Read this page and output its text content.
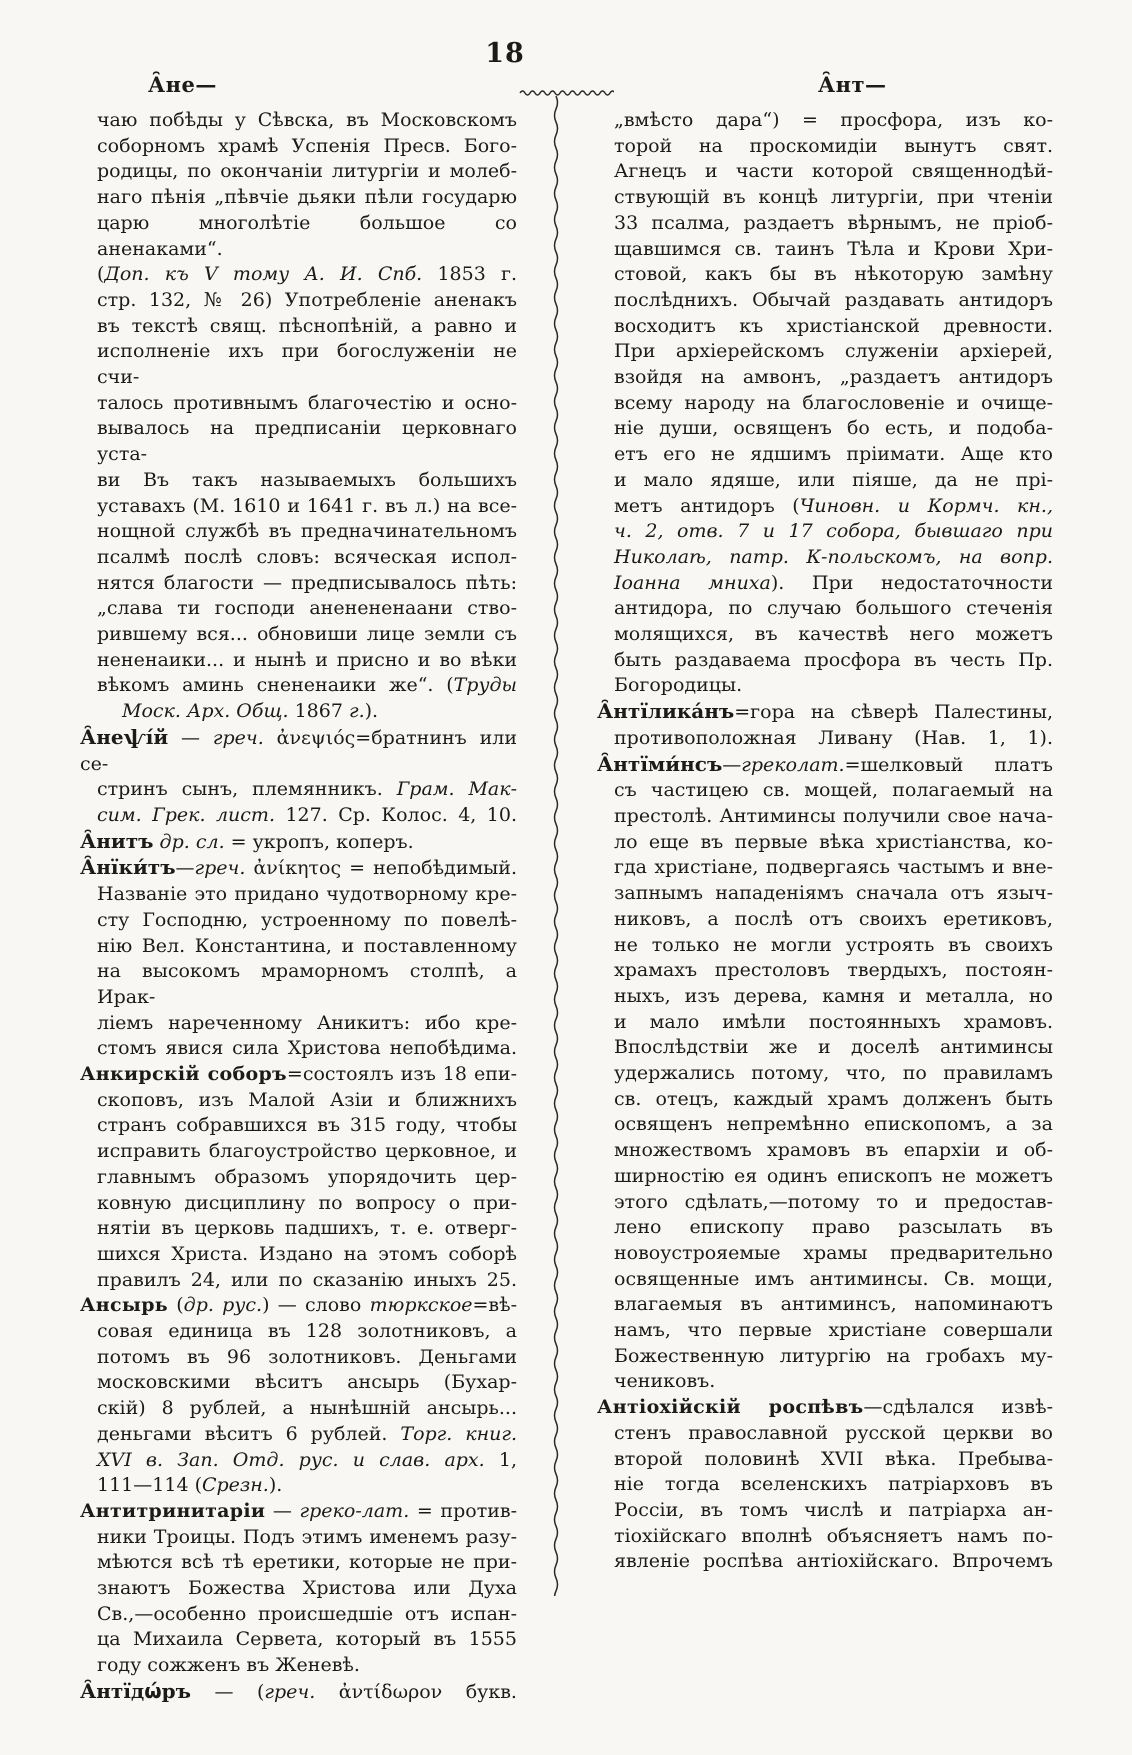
18
А̑не—	А̑нт—
чаю побѣды у Сѣвска, въ Московскомъ
соборномъ храмѣ Успенія Пресв. Бого-
родицы, по окончаніи литургіи и молеб-
наго пѣнія „пѣвчіе дьяки пѣли государю
царю многолѣтіе большое со аненаками“.
(Доп. къ V тому А. И. Спб. 1853 г.
стр. 132, № 26) Употребленіе аненакъ
въ текстѣ свящ. пѣснопѣній, а равно и
исполненіе ихъ при богослуженіи не счи-
талось противнымъ благочестію и осно-
вывалось на предписаніи церковнаго уста-
ви Въ такъ называемыхъ большихъ
уставахъ (М. 1610 и 1641 г. въ л.) на все-
нощной службѣ въ предначинательномъ
псалмѣ послѣ словъ: всяческая испол-
нятся благости — предписывалось пѣть:
„слава ти господи аненененаани ство-
рившему вся... обновиши лице земли съ
нененаики... и нынѣ и присно и во вѣки
вѣкомъ аминь снененаики же“. (Труды
Моск. Арх. Общ. 1867 г.).
А̑неѱі́й — греч. ἀνεψιός=братнинъ или се-
стринъ сынъ, племянникъ. Грам. Мак-
сим. Грек. лист. 127. Ср. Колос. 4, 10.
А̑нитъ др. сл. = укропъ, коперъ.
А̑нїки́тъ—греч. ἀνίκητος = непобѣдимый.
Названіе это придано чудотворному кре-
сту Господню, устроенному по повелѣ-
нію Вел. Константина, и поставленному
на высокомъ мраморномъ столпѣ, а Ирак-
ліемъ нареченному Аникитъ: ибо кре-
стомъ явися сила Христова непобѣдима.
Анкирскій соборъ=состоялъ изъ 18 епи-
скоповъ, изъ Малой Азіи и ближнихъ
странъ собравшихся въ 315 году, чтобы
исправить благоустройство церковное, и
главнымъ образомъ упорядочить цер-
ковную дисциплину по вопросу о при-
нятіи въ церковь падшихъ, т. е. отверг-
шихся Христа. Издано на этомъ соборѣ
правилъ 24, или по сказанію иныхъ 25.
Ансырь (др. рус.) — слово тюркское=вѣ-
совая единица въ 128 золотниковъ, а
потомъ въ 96 золотниковъ. Деньгами
московскими вѣситъ ансырь (Бухар-
скій) 8 рублей, а нынѣшній ансырь...
деньгами вѣситъ 6 рублей. Торг. книг.
XVI в. Зап. Отд. рус. и слав. арх. 1,
111—114 (Срезн.).
Антитринитаріи — греко-лат. = против-
ники Троицы. Подъ этимъ именемъ разу-
мѣются всѣ тѣ еретики, которые не при-
знаютъ Божества Христова или Духа
Св.,—особенно происшедшіе отъ испан-
ца Михаила Сервета, который въ 1555
году сожженъ въ Женевѣ.
А̑нтїдѡ́ръ — (греч. ἀντίδωρον букв.
„вмѣсто дара“) = просфора, изъ ко-
торой на проскомидіи вынутъ свят.
Агнецъ и части которой священнодѣй-
ствующій въ концѣ литургіи, при чтеніи
33 псалма, раздаетъ вѣрнымъ, не пріоб-
щавшимся св. таинъ Тѣла и Крови Хри-
стовой, какъ бы въ нѣкоторую замѣну
послѣднихъ. Обычай раздавать антидоръ
восходитъ къ христіанской древности.
При архіерейскомъ служеніи архіерей,
взойдя на амвонъ, „раздаетъ антидоръ
всему народу на благословеніе и очище-
ніе души, освященъ бо есть, и подоба-
етъ его не ядшимъ пріимати. Аще кто
и мало ядяше, или піяше, да не прі-
метъ антидоръ (Чиновн. и Кормч. кн.,
ч. 2, отв. 7 и 17 собора, бывшаго при
Николаѣ, патр. К-польскомъ, на вопр.
Іоанна мниха). При недостаточности
антидора, по случаю большого стеченія
молящихся, въ качествѣ него можетъ
быть раздаваема просфора въ честь Пр.
Богородицы.
А̑нтїлика́нъ=гора на сѣверѣ Палестины,
противоположная Ливану (Нав. 1, 1).
А̑нтїми́нсъ—греколат.=шелковый платъ
съ частицею св. мощей, полагаемый на
престолѣ. Антиминсы получили свое нача-
ло еще въ первые вѣка христіанства, ко-
гда христіане, подвергаясь частымъ и вне-
запнымъ нападеніямъ сначала отъ языч-
никовъ, а послѣ отъ своихъ еретиковъ,
не только не могли устроять въ своихъ
храмахъ престоловъ твердыхъ, постоян-
ныхъ, изъ дерева, камня и металла, но
и мало имѣли постоянныхъ храмовъ.
Впослѣдствіи же и доселѣ антиминсы
удержались потому, что, по правиламъ
св. отецъ, каждый храмъ долженъ быть
освященъ непремѣнно епископомъ, а за
множествомъ храмовъ въ епархіи и об-
ширностію ея одинъ епископъ не можетъ
этого сдѣлать,—потому то и предостав-
лено епископу право разсылать въ
новоустрояемые храмы предварительно
освященные имъ антиминсы. Св. мощи,
влагаемыя въ антиминсъ, напоминаютъ
намъ, что первые христіане совершали
Божественную литургію на гробахъ му-
чениковъ.
Антіохійскій роспѣвъ—сдѣлался извѣ-
стенъ православной русской церкви во
второй половинѣ XVII вѣка. Пребыва-
ніе тогда вселенскихъ патріарховъ въ
Россіи, въ томъ числѣ и патріарха ан-
тіохійскаго вполнѣ объясняетъ намъ по-
явленіе роспѣва антіохійскаго. Впрочемъ
